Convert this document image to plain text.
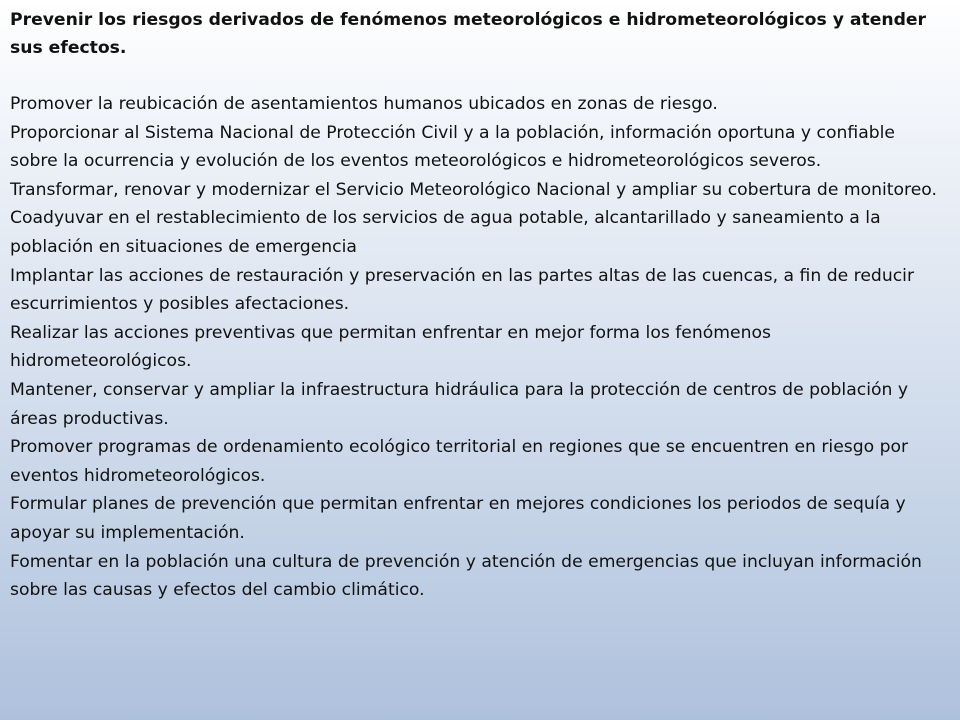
Prevenir los riesgos derivados de fenómenos meteorológicos e hidrometeorológicos y atender sus efectos.

Promover la reubicación de asentamientos humanos ubicados en zonas de riesgo.
Proporcionar al Sistema Nacional de Protección Civil y a la población, información oportuna y confiable sobre la ocurrencia y evolución de los eventos meteorológicos e hidrometeorológicos severos.
Transformar, renovar y modernizar el Servicio Meteorológico Nacional y ampliar su cobertura de monitoreo.
Coadyuvar en el restablecimiento de los servicios de agua potable, alcantarillado y saneamiento a la población en situaciones de emergencia
Implantar las acciones de restauración y preservación en las partes altas de las cuencas, a fin de reducir escurrimientos y posibles afectaciones.
Realizar las acciones preventivas que permitan enfrentar en mejor forma los fenómenos hidrometeorológicos.
Mantener, conservar y ampliar la infraestructura hidráulica para la protección de centros de población y áreas productivas.
Promover programas de ordenamiento ecológico territorial en regiones que se encuentren en riesgo por eventos hidrometeorológicos.
Formular planes de prevención que permitan enfrentar en mejores condiciones los periodos de sequía y apoyar su implementación.
Fomentar en la población una cultura de prevención y atención de emergencias que incluyan información sobre las causas y efectos del cambio climático.
